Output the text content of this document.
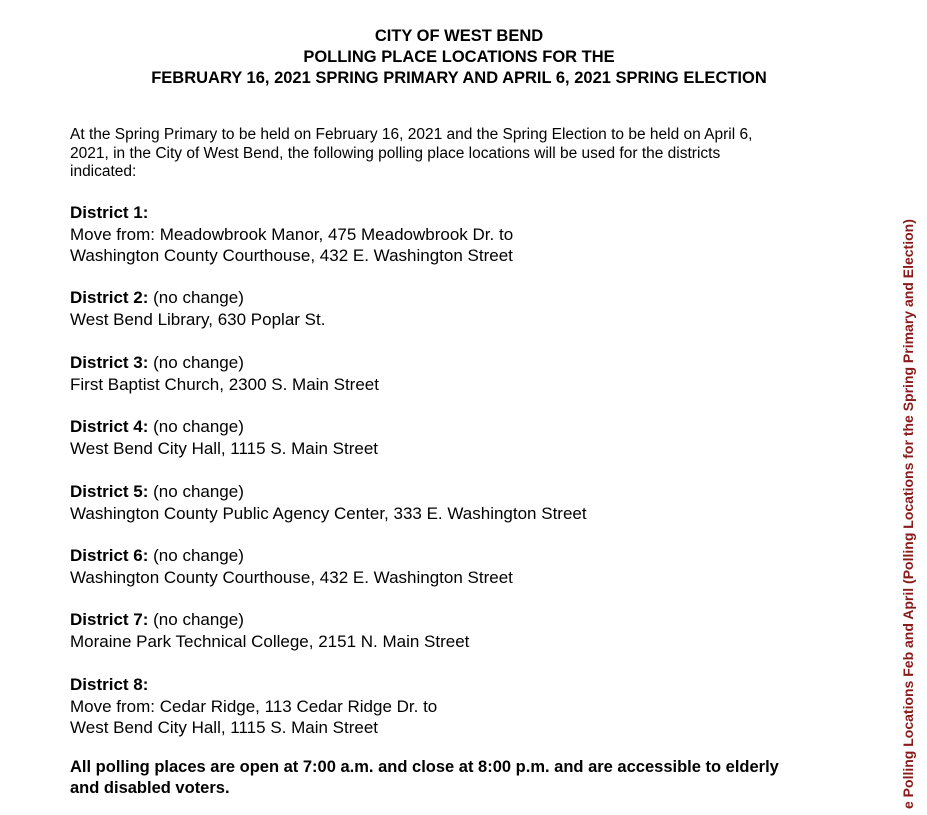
CITY OF WEST BEND
POLLING PLACE LOCATIONS FOR THE
FEBRUARY 16, 2021 SPRING PRIMARY AND APRIL 6, 2021 SPRING ELECTION
At the Spring Primary to be held on February 16, 2021 and the Spring Election to be held on April 6,
2021, in the City of West Bend, the following polling place locations will be used for the districts
indicated:
District 1:
Move from: Meadowbrook Manor, 475 Meadowbrook Dr. to
Washington County Courthouse, 432 E. Washington Street
District 2: (no change)
West Bend Library, 630 Poplar St.
District 3: (no change)
First Baptist Church, 2300 S. Main Street
District 4: (no change)
West Bend City Hall, 1115 S. Main Street
District 5: (no change)
Washington County Public Agency Center, 333 E. Washington Street
District 6: (no change)
Washington County Courthouse, 432 E. Washington Street
District 7: (no change)
Moraine Park Technical College, 2151 N. Main Street
District 8:
Move from: Cedar Ridge, 113 Cedar Ridge Dr. to
West Bend City Hall, 1115 S. Main Street
All polling places are open at 7:00 a.m. and close at 8:00 p.m. and are accessible to elderly
and disabled voters.	e Polling Locations Feb and April (Polling Locations for the Spring Primary and Election)
